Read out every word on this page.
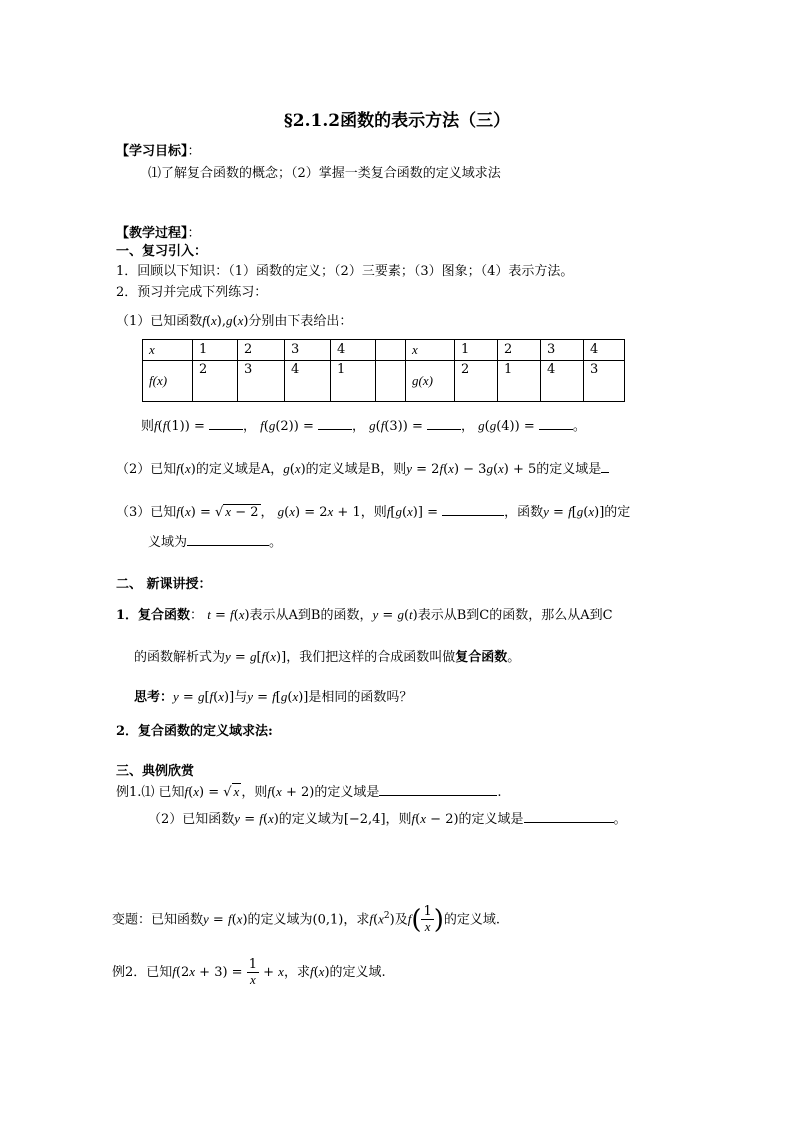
§2.1.2函数的表示方法（三）
【学习目标】：
⑴了解复合函数的概念；（2）掌握一类复合函数的定义域求法
【教学过程】：
一、复习引入：
1．回顾以下知识：（1）函数的定义；（2）三要素；（3）图象；（4）表示方法。
2．预习并完成下列练习：
（1）已知函数f(x),g(x)分别由下表给出：
x	1	2	3	4		x	1	2	3	4
f(x)	2	3	4	1		g(x)	2	1	4	3
则f(f(1)) =	， f(g(2)) =	， g(f(3)) =	， g(g(4)) =	。
（2）已知f(x)的定义域是A，g(x)的定义域是B，则y = 2f(x) − 3g(x) + 5的定义域是
（3）已知f(x) = √ x − 2 ， g(x) = 2x + 1，则f[g(x)] =	，函数y = f[g(x)]的定
义域为	。
二、 新课讲授：
1．复合函数： t = f(x)表示从A到B的函数，y = g(t)表示从B到C的函数，那么从A到C
的函数解析式为y = g[f(x)]，我们把这样的合成函数叫做复合函数。
思考：y = g[f(x)]与y = f[g(x)]是相同的函数吗？
2．复合函数的定义域求法:
三、典例欣赏
例1.⑴ 已知f(x) = √ x ，则f(x + 2)的定义域是	.
（2）已知函数y = f(x)的定义域为[−2,4]，则f(x − 2)的定义域是	。
变题：已知函数y = f(x)的定义域为(0,1)，求$f(x^2)$及$f( \frac{1}{x}$ )的定义域.
例2．已知$f(2x + 3) = \frac{1}{x} + x$，求f(x)的定义域.
